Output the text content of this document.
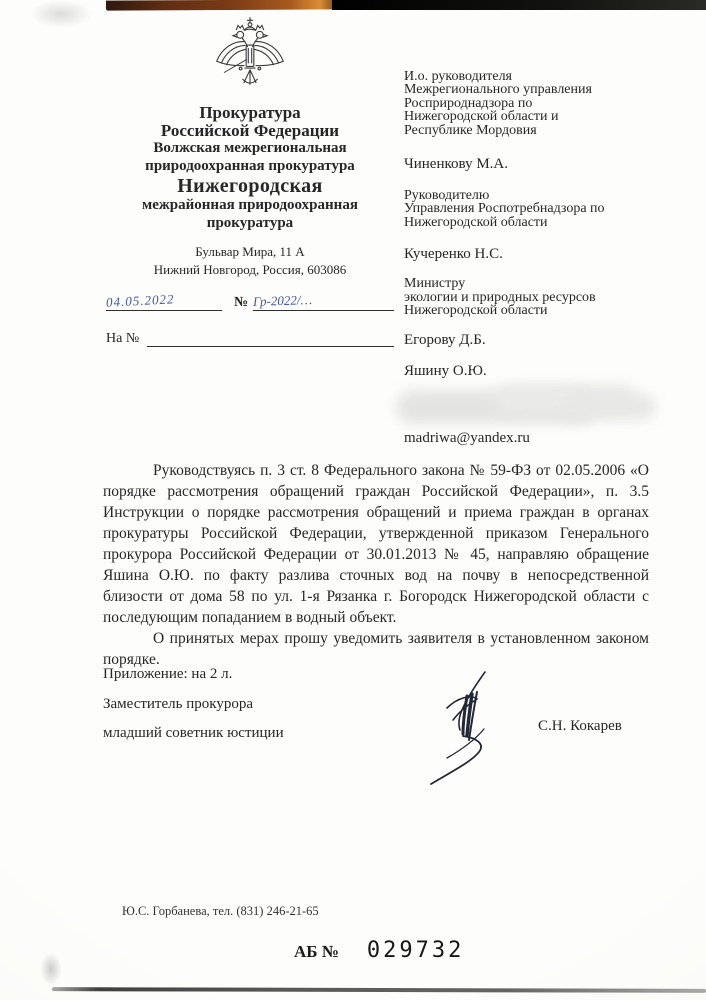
Прокуратура
Российской Федерации
Волжская межрегиональная
природоохранная прокуратура
Нижегородская
межрайонная природоохранная
прокуратура
Бульвар Мира, 11 А
Нижний Новгород, Россия, 603086
04.05.2022	№ Гр-2022/…
На №
И.о. руководителя
Межрегионального управления
Росприроднадзора по
Нижегородской области и
Республике Мордовия
Чиненкову М.А.
Руководителю
Управления Роспотребнадзора по
Нижегородской области
Кучеренко Н.С.
Министру
экологии и природных ресурсов
Нижегородской области
Егорову Д.Б.
Яшину О.Ю.
madriwa@yandex.ru

Руководствуясь п. 3 ст. 8 Федерального закона № 59-ФЗ от 02.05.2006 «О порядке рассмотрения обращений граждан Российской Федерации», п. 3.5 Инструкции о порядке рассмотрения обращений и приема граждан в органах прокуратуры Российской Федерации, утвержденной приказом Генерального прокурора Российской Федерации от 30.01.2013 № 45, направляю обращение Яшина О.Ю. по факту разлива сточных вод на почву в непосредственной близости от дома 58 по ул. 1-я Рязанка г. Богородск Нижегородской области с последующим попаданием в водный объект.

О принятых мерах прошу уведомить заявителя в установленном законом порядке.

Приложение: на 2 л.
Заместитель прокурора
младший советник юстиции	С.Н. Кокарев
Ю.С. Горбанева, тел. (831) 246-21-65
АБ № 029732
